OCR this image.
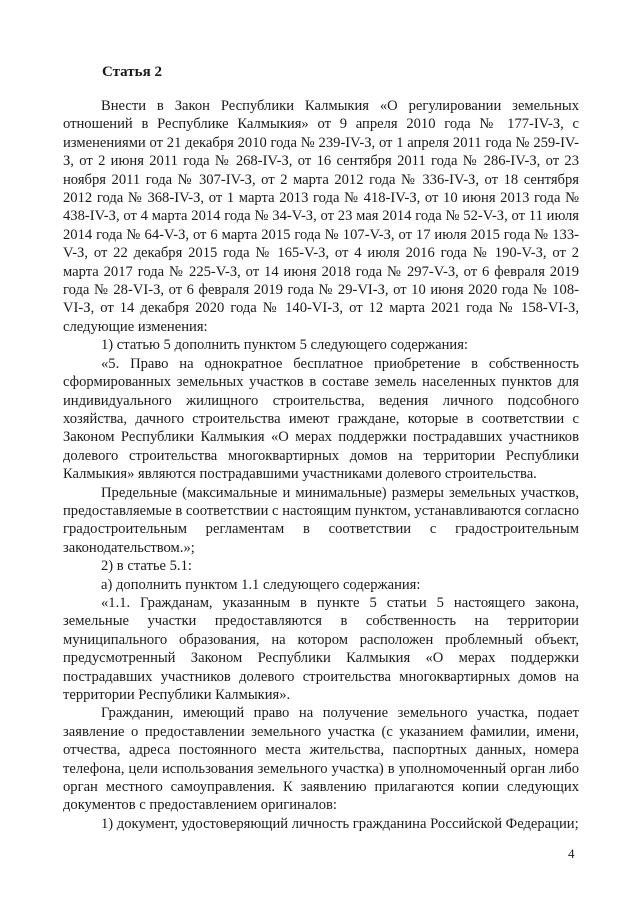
Статья 2

Внести в Закон Республики Калмыкия «О регулировании земельных отношений в Республике Калмыкия» от 9 апреля 2010 года № 177-IV-З, с изменениями от 21 декабря 2010 года № 239-IV-З, от 1 апреля 2011 года № 259-IV-З, от 2 июня 2011 года № 268-IV-З, от 16 сентября 2011 года № 286-IV-З, от 23 ноября 2011 года № 307-IV-З, от 2 марта 2012 года № 336-IV-З, от 18 сентября 2012 года № 368-IV-З, от 1 марта 2013 года № 418-IV-З, от 10 июня 2013 года № 438-IV-З, от 4 марта 2014 года № 34-V-З, от 23 мая 2014 года № 52-V-З, от 11 июля 2014 года № 64-V-З, от 6 марта 2015 года № 107-V-З, от 17 июля 2015 года № 133-V-З, от 22 декабря 2015 года № 165-V-З, от 4 июля 2016 года № 190-V-З, от 2 марта 2017 года № 225-V-З, от 14 июня 2018 года № 297-V-З, от 6 февраля 2019 года № 28-VI-З, от 6 февраля 2019 года № 29-VI-З, от 10 июня 2020 года № 108-VI-З, от 14 декабря 2020 года № 140-VI-З, от 12 марта 2021 года № 158-VI-З, следующие изменения:

1) статью 5 дополнить пунктом 5 следующего содержания:

«5. Право на однократное бесплатное приобретение в собственность сформированных земельных участков в составе земель населенных пунктов для индивидуального жилищного строительства, ведения личного подсобного хозяйства, дачного строительства имеют граждане, которые в соответствии с Законом Республики Калмыкия «О мерах поддержки пострадавших участников долевого строительства многоквартирных домов на территории Республики Калмыкия» являются пострадавшими участниками долевого строительства.

Предельные (максимальные и минимальные) размеры земельных участков, предоставляемые в соответствии с настоящим пунктом, устанавливаются согласно градостроительным регламентам в соответствии с градостроительным законодательством.»;

2) в статье 5.1:

а) дополнить пунктом 1.1 следующего содержания:

«1.1. Гражданам, указанным в пункте 5 статьи 5 настоящего закона, земельные участки предоставляются в собственность на территории муниципального образования, на котором расположен проблемный объект, предусмотренный Законом Республики Калмыкия «О мерах поддержки пострадавших участников долевого строительства многоквартирных домов на территории Республики Калмыкия».

Гражданин, имеющий право на получение земельного участка, подает заявление о предоставлении земельного участка (с указанием фамилии, имени, отчества, адреса постоянного места жительства, паспортных данных, номера телефона, цели использования земельного участка) в уполномоченный орган либо орган местного самоуправления. К заявлению прилагаются копии следующих документов с предоставлением оригиналов:

1) документ, удостоверяющий личность гражданина Российской Федерации;

4
